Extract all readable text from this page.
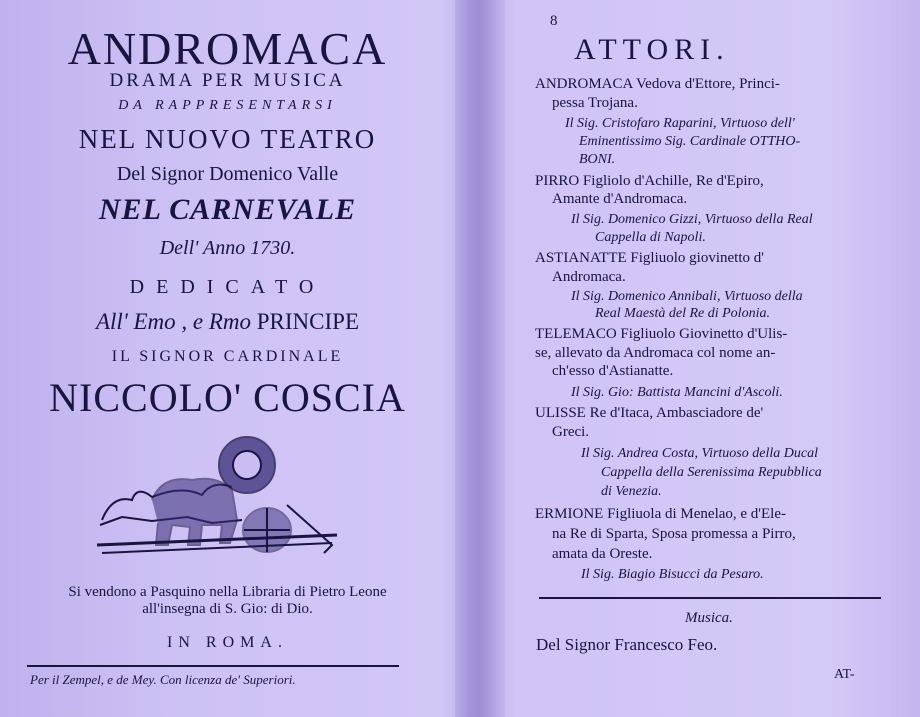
ANDROMACA
DRAMA PER MUSICA
DA RAPPRESENTARSI
NEL NUOVO TEATRO
Del Signor Domenico Valle
NEL CARNEVALE
Dell' Anno 1730.
DEDICATO
All' Emo , e Rmo PRINCIPE
IL SIGNOR CARDINALE
NICCOLO' COSCIA
Si vendono a Pasquino nella Libraria di Pietro Leone
all'insegna di S. Gio: di Dio.
IN ROMA.
Per il Zempel, e de Mey. Con licenza de' Superiori.
8
ATTORI.
ANDROMACA Vedova d'Ettore, Princi-
pessa Trojana.
Il Sig. Cristofaro Raparini, Virtuoso dell'
Eminentissimo Sig. Cardinale OTTHO-
BONI.
PIRRO Figliolo d'Achille, Re d'Epiro,
Amante d'Andromaca.
Il Sig. Domenico Gizzi, Virtuoso della Real
Cappella di Napoli.
ASTIANATTE Figliuolo giovinetto d'
Andromaca.
Il Sig. Domenico Annibali, Virtuoso della
Real Maestà del Re di Polonia.
TELEMACO Figliuolo Giovinetto d'Ulis-
se, allevato da Andromaca col nome an-
ch'esso d'Astianatte.
Il Sig. Gio: Battista Mancini d'Ascoli.
ULISSE Re d'Itaca, Ambasciadore de'
Greci.
Il Sig. Andrea Costa, Virtuoso della Ducal
Cappella della Serenissima Repubblica
di Venezia.
ERMIONE Figliuola di Menelao, e d'Ele-
na Re di Sparta, Sposa promessa a Pirro,
amata da Oreste.
Il Sig. Biagio Bisucci da Pesaro.
Musica.
Del Signor Francesco Feo.
AT-
